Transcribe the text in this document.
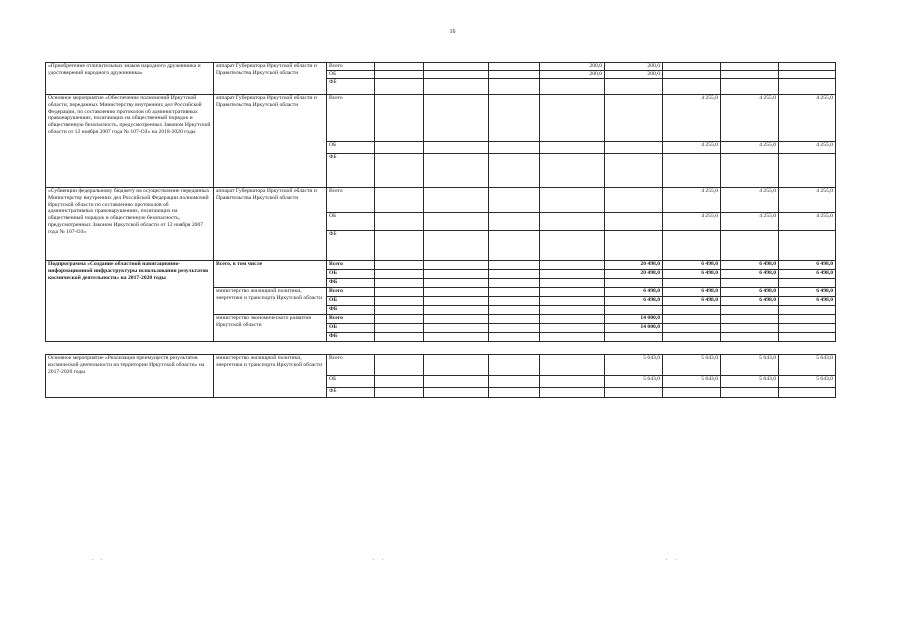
16
«Приобретение отличительных знаков народного дружинника и удостоверений народного дружинника»	аппарат Губернатора Иркутской области и Правительства Иркутской области	Всего				200,0	200,0			
		ОБ				200,0	200,0			
		ФБ								
Основное мероприятие «Обеспечение полномочий Иркутской области, переданных Министерству внутренних дел Российской Федерации, по составлению протоколов об административных правонарушениях, посягающих на общественный порядок и общественную безопасность, предусмотренных Законом Иркутской области от 12 ноября 2007 года № 107-ОЗ» на 2018-2020 годы	аппарат Губернатора Иркутской области и Правительства Иркутской области	Всего						4 255,0	4 255,0	4 255,0
		ОБ						4 255,0	4 255,0	4 255,0
		ФБ								
«Субвенции федеральному бюджету на осуществление переданных Министерству внутренних дел Российской Федерации полномочий Иркутской области по составлению протоколов об административных правонарушениях, посягающих на общественный порядок и общественную безопасность, предусмотренных Законом Иркутской области от 12 ноября 2007 года № 107-ОЗ»	аппарат Губернатора Иркутской области и Правительства Иркутской области	Всего						4 255,0	4 255,0	4 255,0
		ОБ						4 255,0	4 255,0	4 255,0
		ФБ								
Подпрограмма «Создание областной навигационно-информационной инфраструктуры использования результатов космической деятельности» на 2017-2020 годы	Всего, в том числе	Всего					20 498,0	6 498,0	6 498,0	6 498,0
		ОБ					20 498,0	6 498,0	6 498,0	6 498,0
		ФБ								
	министерство жилищной политики, энергетики и транспорта Иркутской области	Всего					6 498,0	6 498,0	6 498,0	6 498,0
		ОБ					6 498,0	6 498,0	6 498,0	6 498,0
		ФБ								
	министерство экономического развития Иркутской области	Всего					14 000,0			
		ОБ					14 000,0			
		ФБ								

Основное мероприятие «Реализация преимуществ результатов космической деятельности на территории Иркутской области» на 2017-2020 годы	министерство жилищной политики, энергетики и транспорта Иркутской области	Всего					5 643,0	5 643,0	5 643,0	5 643,0
		ОБ					5 643,0	5 643,0	5 643,0	5 643,0
		ФБ								
. .	. .	. .
